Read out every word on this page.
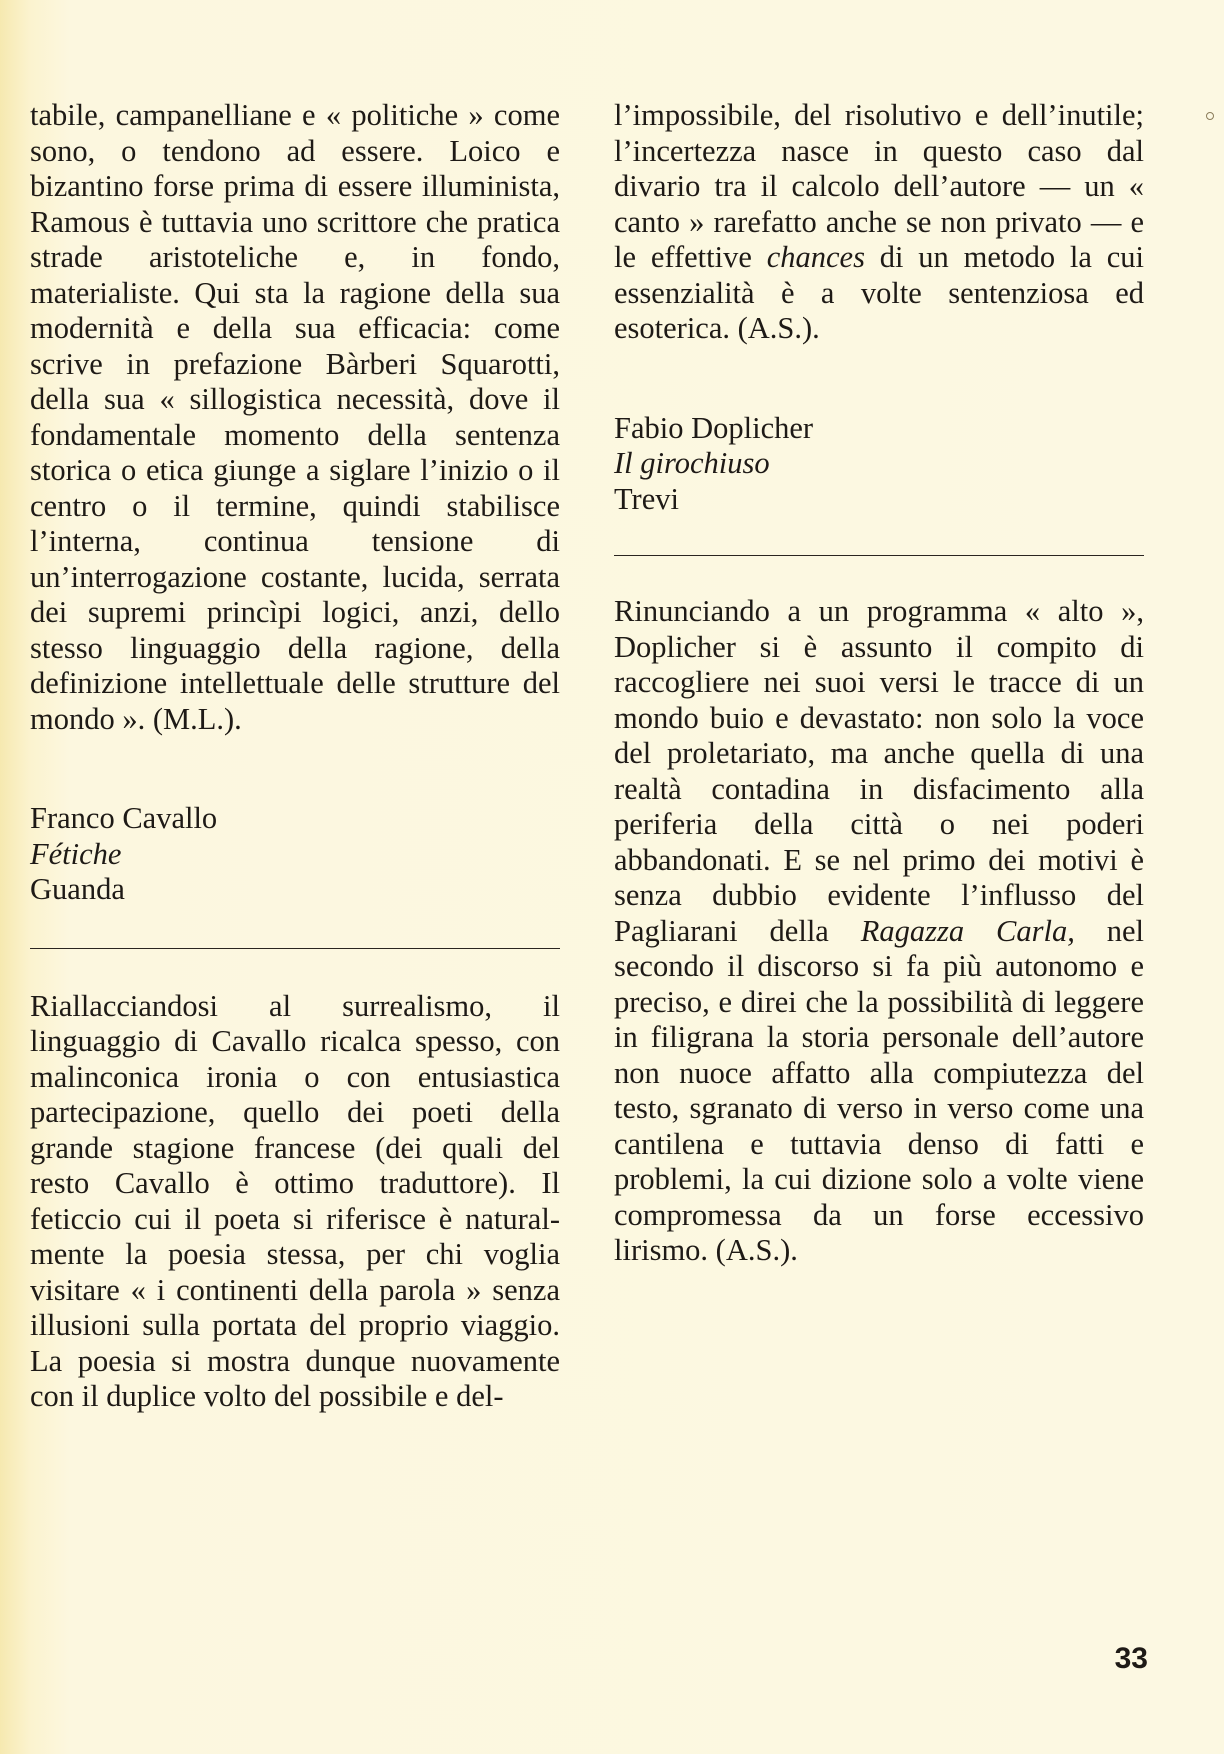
tabile, campanelliane e « politiche » come sono, o tendono ad essere. Loico e bizantino forse prima di essere illuminista, Ramous è tuttavia uno scrittore che pratica strade aristoteliche e, in fondo, materialiste. Qui sta la ragione della sua modernità e della sua efficacia: come scrive in prefazione Bàrberi Squarotti, della sua « sillogistica necessità, dove il fondamentale momento della sentenza storica o etica giunge a siglare l’inizio o il centro o il termine, quindi stabilisce l’interna, continua tensione di un’interrogazione costante, lucida, serrata dei supremi princìpi logici, anzi, dello stesso linguaggio della ragione, della definizione intellettuale delle strutture del mondo ». (M.L.).

Franco Cavallo
Fétiche
Guanda

Riallacciandosi al surrealismo, il linguaggio di Cavallo ricalca spesso, con malinconica ironia o con entusiastica partecipazione, quello dei poeti della grande stagione francese (dei quali del resto Cavallo è ottimo traduttore). Il feticcio cui il poeta si riferisce è naturalmente la poesia stessa, per chi voglia visitare « i continenti della parola » senza illusioni sulla portata del proprio viaggio. La poesia si mostra dunque nuovamente con il duplice volto del possibile e del-

l’impossibile, del risolutivo e dell’inutile; l’incertezza nasce in questo caso dal divario tra il calcolo dell’autore — un « canto » rarefatto anche se non privato — e le effettive chances di un metodo la cui essenzialità è a volte sentenziosa ed esoterica. (A.S.).

Fabio Doplicher
Il girochiuso
Trevi

Rinunciando a un programma « alto », Doplicher si è assunto il compito di raccogliere nei suoi versi le tracce di un mondo buio e devastato: non solo la voce del proletariato, ma anche quella di una realtà contadina in disfacimento alla periferia della città o nei poderi abbandonati. E se nel primo dei motivi è senza dubbio evidente l’influsso del Pagliarani della Ragazza Carla, nel secondo il discorso si fa più autonomo e preciso, e direi che la possibilità di leggere in filigrana la storia personale dell’autore non nuoce affatto alla compiutezza del testo, sgranato di verso in verso come una cantilena e tuttavia denso di fatti e problemi, la cui dizione solo a volte viene compromessa da un forse eccessivo lirismo. (A.S.).

33
